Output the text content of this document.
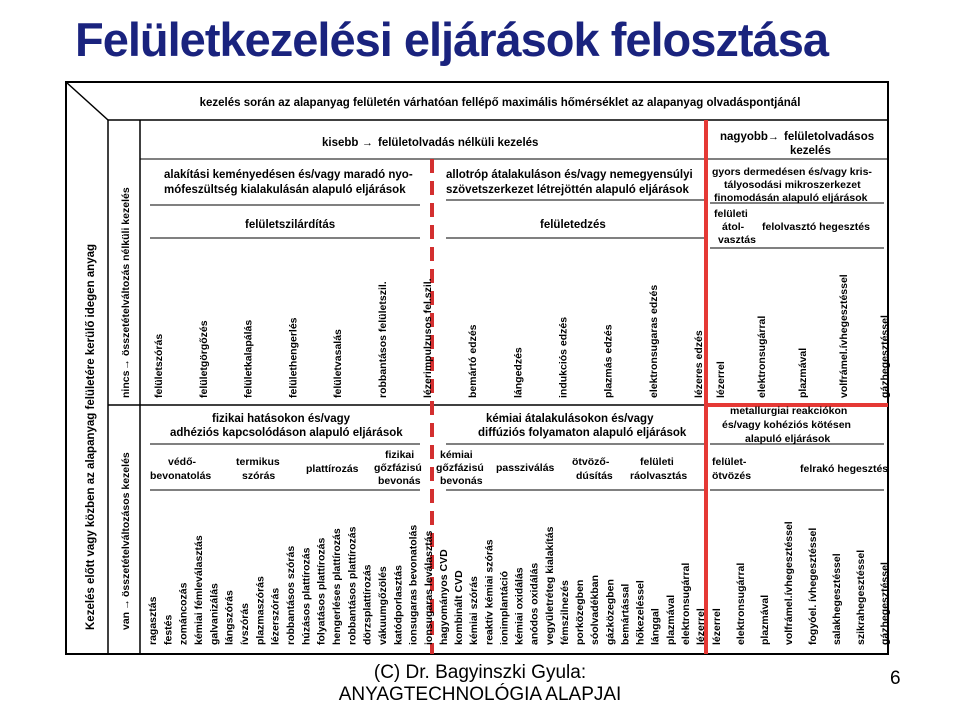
Felületkezelési eljárások felosztása
kezelés során az alapanyag felületén várhatóan fellépő maximális hőmérséklet az alapanyag olvadáspontjánál
kisebb → felületolvadás nélküli kezelés	nagyobb → felületolvadásos
kezelés
Kezelés előtt vagy közben az alapanyag felületére kerülő idegen anyag nincs
→
összetételváltozás nélküli kezelés
van
→
összetételváltozásos kezelés
alakítási keményedésen és/vagy maradó nyo-
mófeszültség kialakulásán alapuló eljárások
felületszilárdítás
allotróp átalakuláson és/vagy nemegyensúlyi
szövetszerkezet létrejöttén alapuló eljárások
felületedzés
gyors dermedésen és/vagy kris-
tályosodási mikroszerkezet
finomodásán alapuló eljárások
felületi
átol-
vasztás
felolvasztó hegesztés
fizikai hatásokon és/vagy
adhéziós kapcsolódáson alapuló eljárások
kémiai átalakulásokon és/vagy
diffúziós folyamaton alapuló eljárások
metallurgiai reakciókon
és/vagy kohéziós kötésen
alapuló eljárások
védő-
bevonatolás
termikus
szórás
plattírozás
fizikai
gőzfázisú
bevonás
kémiai
gőzfázisú
bevonás
passziválás ötvöző-
dúsítás
felületi
ráolvasztás
felület-
ötvözés
felrakó hegesztés
felületszórás	felületgörgőzés	felületkalapálás	felülethengerlés	felületvasalás	robbantásos felületszil.	lézerimpulzusos fel.szil.	bemártó edzés	lángedzés	indukciós edzés	plazmás edzés	elektronsugaras edzés	lézeres edzés lézerrel	elektronsugárral	plazmával	volfrámel.ívhegesztéssel	gázhegesztéssel
ragasztás festés zománcozás kémiai fémleválasztás galvanizálás lángszórás ívszórás plazmaszórás lézerszórás robbantásos szórás húzásos plattírozás folyatásos plattírozás hengerléses plattírozás robbantásos plattírozás dörzsplattírozás vákuumgőzölés katódporlasztás ionsugaras bevonatolás ionsugaras leválasztás hagyományos CVD kombinált CVD kémiai szórás reaktív kémiai szórás ionimplantáció kémiai oxidálás anódos oxidálás vegyületréteg kialakítás fémszilnezés porközegben sóolvadékban gázközegben bemártással hőkezeléssel lánggal plazmával elektronsugárral lézerrel lézerrel elektronsugárral plazmával volfrámel.ívhegesztéssel fogyóel. ívhegesztéssel salakhegesztéssel szikrahegesztéssel gázhegesztéssel
(C) Dr. Bagyinszki Gyula:
ANYAGTECHNOLÓGIA ALAPJAI
6
